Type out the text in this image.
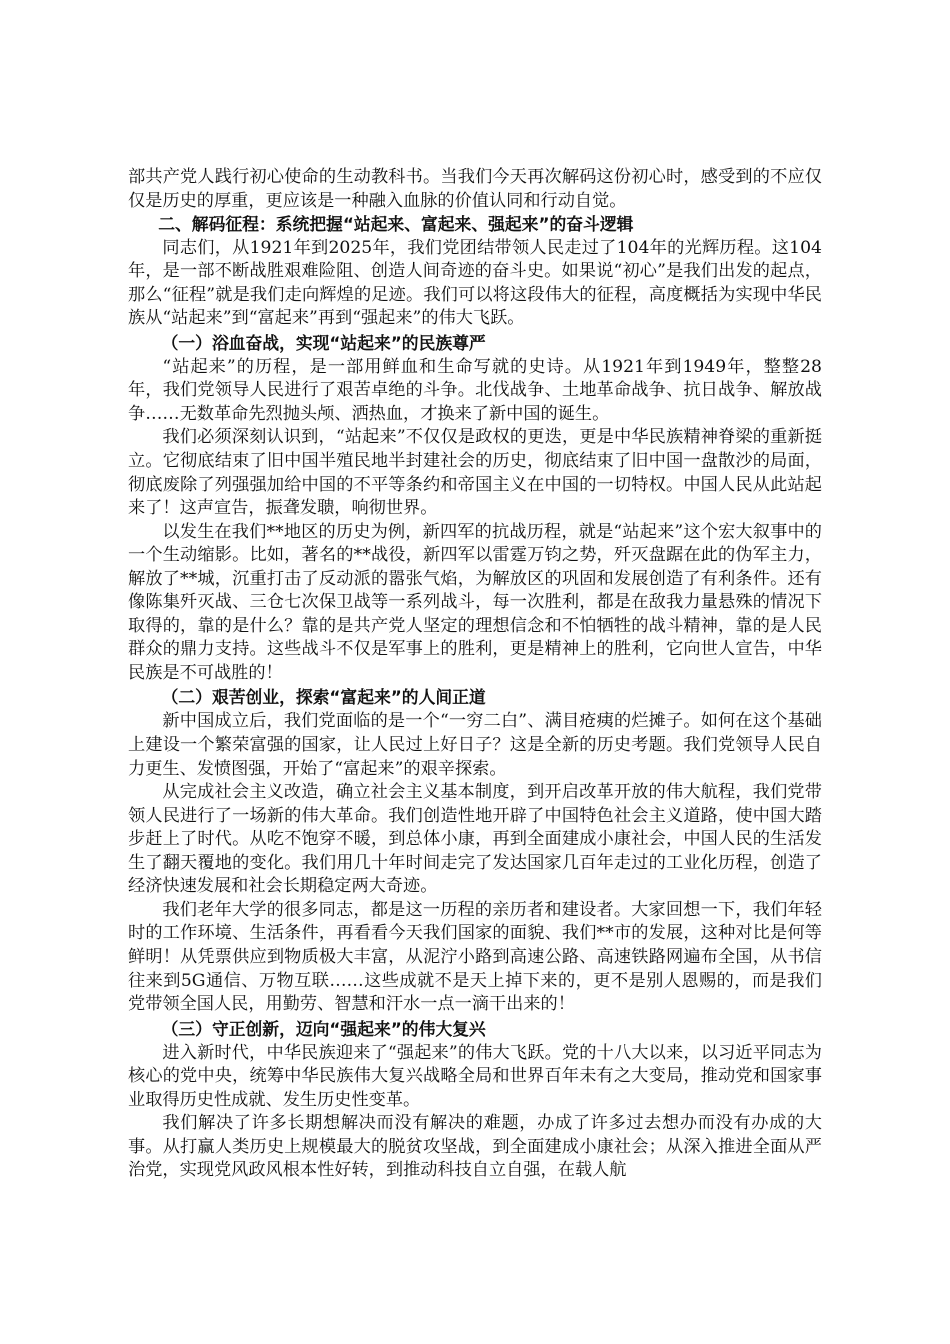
部共产党人践行初心使命的生动教科书。当我们今天再次解码这份初心时，感受到的不应仅仅是历史的厚重，更应该是一种融入血脉的价值认同和行动自觉。

二、解码征程：系统把握“站起来、富起来、强起来”的奋斗逻辑

同志们，从1921年到2025年，我们党团结带领人民走过了104年的光辉历程。这104年，是一部不断战胜艰难险阻、创造人间奇迹的奋斗史。如果说“初心”是我们出发的起点，那么“征程”就是我们走向辉煌的足迹。我们可以将这段伟大的征程，高度概括为实现中华民族从“站起来”到“富起来”再到“强起来”的伟大飞跃。

（一）浴血奋战，实现“站起来”的民族尊严

“站起来”的历程，是一部用鲜血和生命写就的史诗。从1921年到1949年，整整28年，我们党领导人民进行了艰苦卓绝的斗争。北伐战争、土地革命战争、抗日战争、解放战争……无数革命先烈抛头颅、洒热血，才换来了新中国的诞生。

我们必须深刻认识到，“站起来”不仅仅是政权的更迭，更是中华民族精神脊梁的重新挺立。它彻底结束了旧中国半殖民地半封建社会的历史，彻底结束了旧中国一盘散沙的局面，彻底废除了列强强加给中国的不平等条约和帝国主义在中国的一切特权。中国人民从此站起来了！这声宣告，振聋发聩，响彻世界。

以发生在我们**地区的历史为例，新四军的抗战历程，就是“站起来”这个宏大叙事中的一个生动缩影。比如，著名的**战役，新四军以雷霆万钧之势，歼灭盘踞在此的伪军主力，解放了**城，沉重打击了反动派的嚣张气焰，为解放区的巩固和发展创造了有利条件。还有像陈集歼灭战、三仓七次保卫战等一系列战斗，每一次胜利，都是在敌我力量悬殊的情况下取得的，靠的是什么？靠的是共产党人坚定的理想信念和不怕牺牲的战斗精神，靠的是人民群众的鼎力支持。这些战斗不仅是军事上的胜利，更是精神上的胜利，它向世人宣告，中华民族是不可战胜的！

（二）艰苦创业，探索“富起来”的人间正道

新中国成立后，我们党面临的是一个“一穷二白”、满目疮痍的烂摊子。如何在这个基础上建设一个繁荣富强的国家，让人民过上好日子？这是全新的历史考题。我们党领导人民自力更生、发愤图强，开始了“富起来”的艰辛探索。

从完成社会主义改造，确立社会主义基本制度，到开启改革开放的伟大航程，我们党带领人民进行了一场新的伟大革命。我们创造性地开辟了中国特色社会主义道路，使中国大踏步赶上了时代。从吃不饱穿不暖，到总体小康，再到全面建成小康社会，中国人民的生活发生了翻天覆地的变化。我们用几十年时间走完了发达国家几百年走过的工业化历程，创造了经济快速发展和社会长期稳定两大奇迹。

我们老年大学的很多同志，都是这一历程的亲历者和建设者。大家回想一下，我们年轻时的工作环境、生活条件，再看看今天我们国家的面貌、我们**市的发展，这种对比是何等鲜明！从凭票供应到物质极大丰富，从泥泞小路到高速公路、高速铁路网遍布全国，从书信往来到5G通信、万物互联……这些成就不是天上掉下来的，更不是别人恩赐的，而是我们党带领全国人民，用勤劳、智慧和汗水一点一滴干出来的！

（三）守正创新，迈向“强起来”的伟大复兴

进入新时代，中华民族迎来了“强起来”的伟大飞跃。党的十八大以来，以习近平同志为核心的党中央，统筹中华民族伟大复兴战略全局和世界百年未有之大变局，推动党和国家事业取得历史性成就、发生历史性变革。

我们解决了许多长期想解决而没有解决的难题，办成了许多过去想办而没有办成的大事。从打赢人类历史上规模最大的脱贫攻坚战，到全面建成小康社会；从深入推进全面从严治党，实现党风政风根本性好转，到推动科技自立自强，在载人航
